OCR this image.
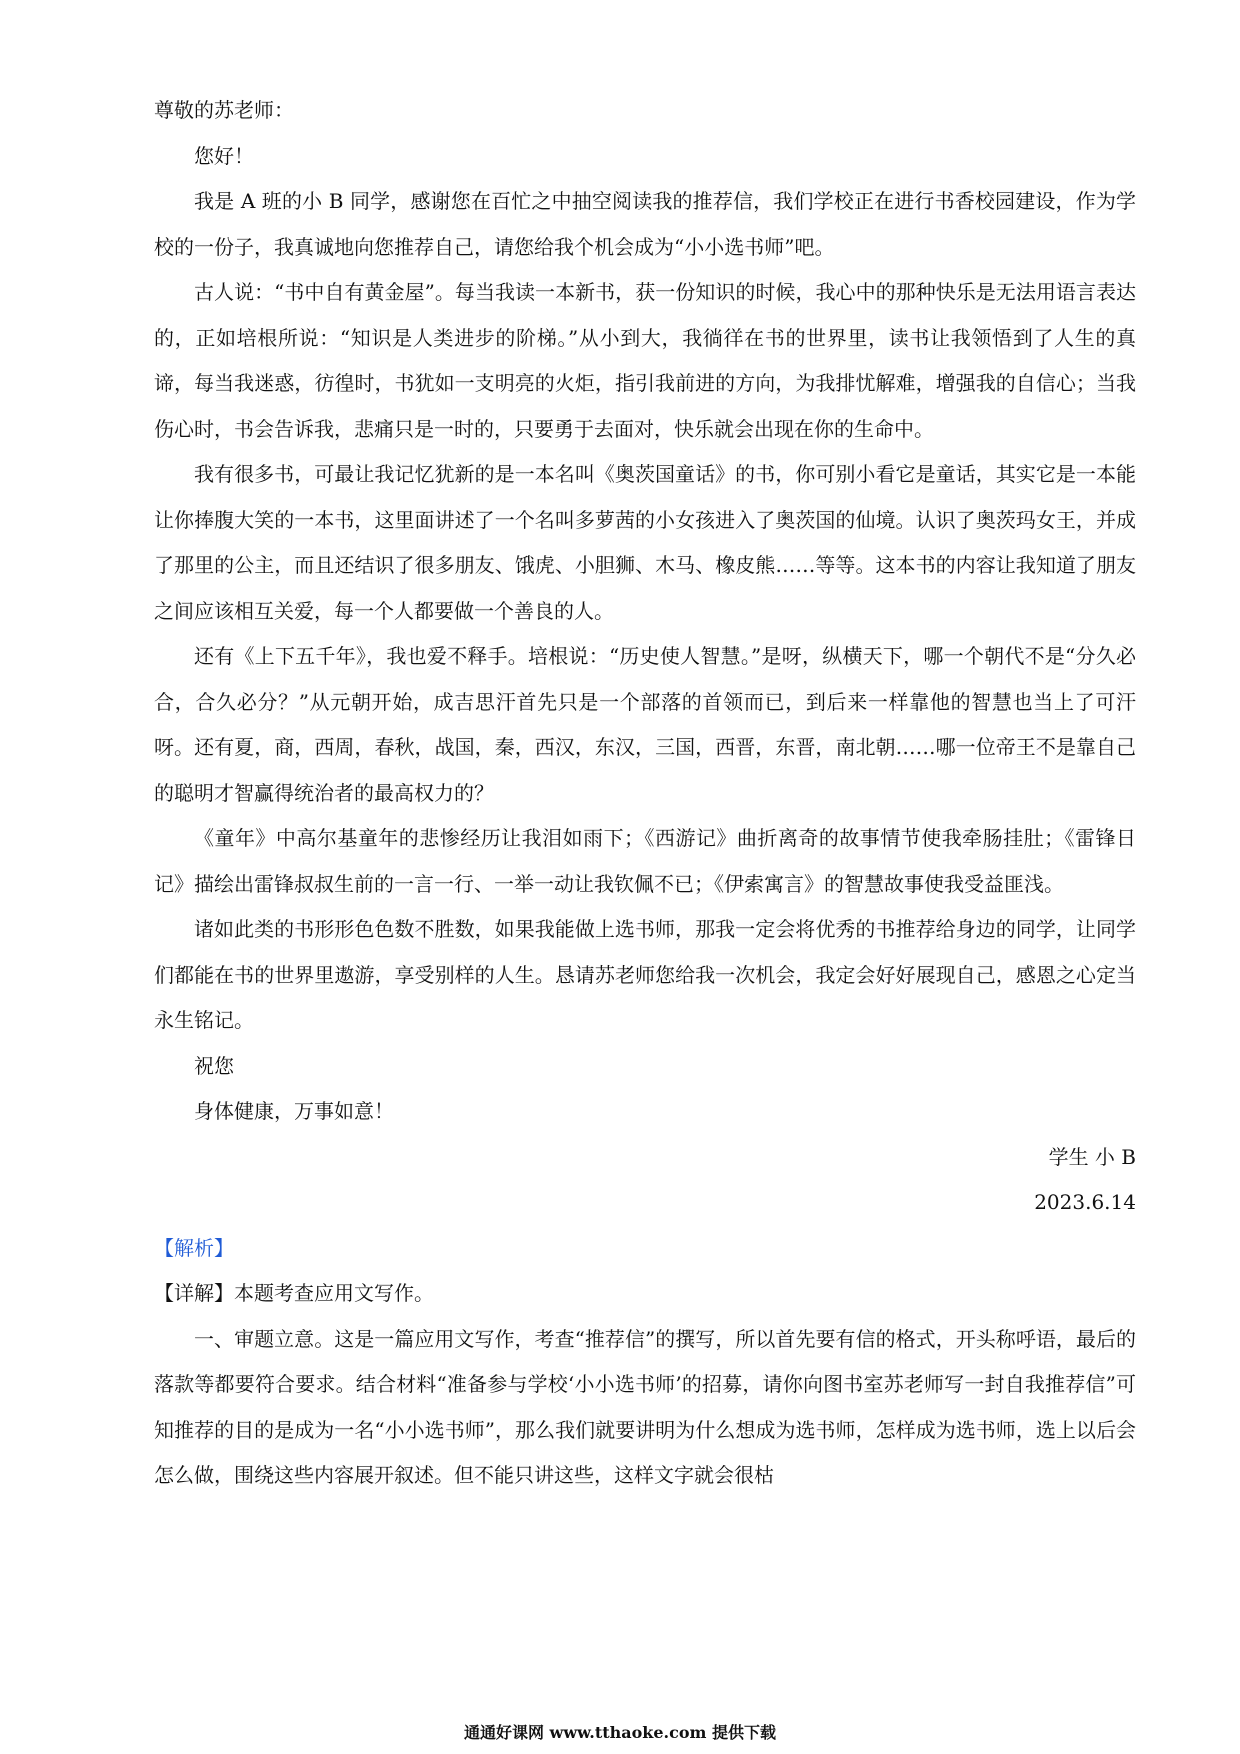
尊敬的苏老师：
您好！
我是 A 班的小 B 同学，感谢您在百忙之中抽空阅读我的推荐信，我们学校正在进行书香校园建设，作为学校的一份子，我真诚地向您推荐自己，请您给我个机会成为“小小选书师”吧。
古人说：“书中自有黄金屋”。每当我读一本新书，获一份知识的时候，我心中的那种快乐是无法用语言表达的，正如培根所说：“知识是人类进步的阶梯。”从小到大，我徜徉在书的世界里，读书让我领悟到了人生的真谛，每当我迷惑，彷徨时，书犹如一支明亮的火炬，指引我前进的方向，为我排忧解难，增强我的自信心；当我伤心时，书会告诉我，悲痛只是一时的，只要勇于去面对，快乐就会出现在你的生命中。
我有很多书，可最让我记忆犹新的是一本名叫《奥茨国童话》的书，你可别小看它是童话，其实它是一本能让你捧腹大笑的一本书，这里面讲述了一个名叫多萝茜的小女孩进入了奥茨国的仙境。认识了奥茨玛女王，并成了那里的公主，而且还结识了很多朋友、饿虎、小胆狮、木马、橡皮熊……等等。这本书的内容让我知道了朋友之间应该相互关爱，每一个人都要做一个善良的人。
还有《上下五千年》，我也爱不释手。培根说：“历史使人智慧。”是呀，纵横天下，哪一个朝代不是“分久必合，合久必分？”从元朝开始，成吉思汗首先只是一个部落的首领而已，到后来一样靠他的智慧也当上了可汗呀。还有夏，商，西周，春秋，战国，秦，西汉，东汉，三国，西晋，东晋，南北朝……哪一位帝王不是靠自己的聪明才智赢得统治者的最高权力的？
《童年》中高尔基童年的悲惨经历让我泪如雨下；《西游记》曲折离奇的故事情节使我牵肠挂肚；《雷锋日记》描绘出雷锋叔叔生前的一言一行、一举一动让我钦佩不已；《伊索寓言》的智慧故事使我受益匪浅。
诸如此类的书形形色色数不胜数，如果我能做上选书师，那我一定会将优秀的书推荐给身边的同学，让同学们都能在书的世界里遨游，享受别样的人生。恳请苏老师您给我一次机会，我定会好好展现自己，感恩之心定当永生铭记。
祝您
身体健康，万事如意！
学生 小 B
2023.6.14
【解析】
【详解】本题考查应用文写作。
一、审题立意。这是一篇应用文写作，考查“推荐信”的撰写，所以首先要有信的格式，开头称呼语，最后的落款等都要符合要求。结合材料“准备参与学校‘小小选书师’的招募，请你向图书室苏老师写一封自我推荐信”可知推荐的目的是成为一名“小小选书师”，那么我们就要讲明为什么想成为选书师，怎样成为选书师，选上以后会怎么做，围绕这些内容展开叙述。但不能只讲这些，这样文字就会很枯
通通好课网 www.tthaoke.com 提供下载
